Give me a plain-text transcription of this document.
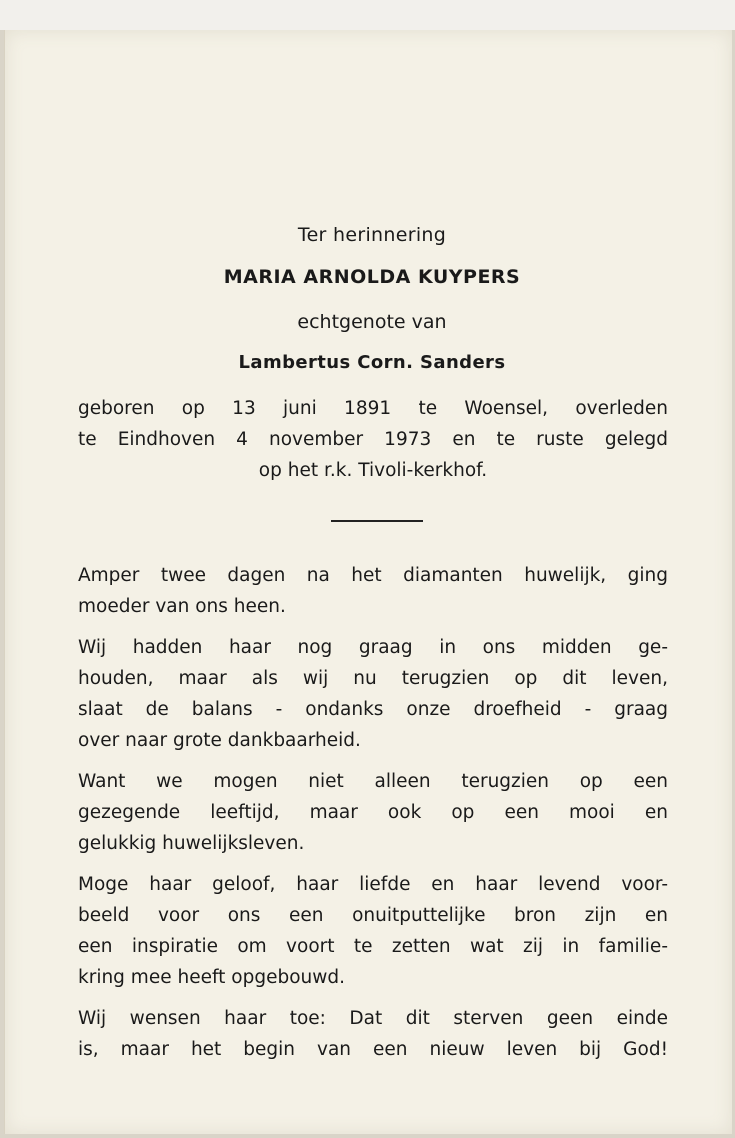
Ter herinnering
MARIA ARNOLDA KUYPERS
echtgenote van
Lambertus Corn. Sanders
geboren op 13 juni 1891 te Woensel, overleden
te Eindhoven 4 november 1973 en te ruste gelegd
op het r.k. Tivoli-kerkhof.
Amper twee dagen na het diamanten huwelijk, ging
moeder van ons heen.
Wij hadden haar nog graag in ons midden ge-
houden, maar als wij nu terugzien op dit leven,
slaat de balans - ondanks onze droefheid - graag
over naar grote dankbaarheid.
Want we mogen niet alleen terugzien op een
gezegende leeftijd, maar ook op een mooi en
gelukkig huwelijksleven.
Moge haar geloof, haar liefde en haar levend voor-
beeld voor ons een onuitputtelijke bron zijn en
een inspiratie om voort te zetten wat zij in familie-
kring mee heeft opgebouwd.
Wij wensen haar toe: Dat dit sterven geen einde
is, maar het begin van een nieuw leven bij God!
